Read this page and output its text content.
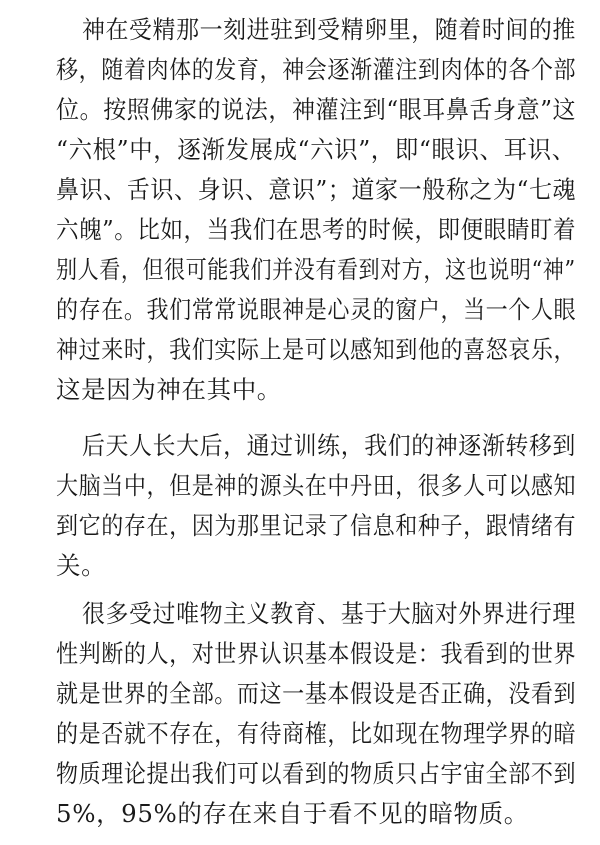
神在受精那一刻进驻到受精卵里，随着时间的推
移，随着肉体的发育，神会逐渐灌注到肉体的各个部
位。按照佛家的说法，神灌注到“眼耳鼻舌身意”这
“六根”中，逐渐发展成“六识”，即“眼识、耳识、
鼻识、舌识、身识、意识”；道家一般称之为“七魂
六魄”。比如，当我们在思考的时候，即便眼睛盯着
别人看，但很可能我们并没有看到对方，这也说明“神”
的存在。我们常常说眼神是心灵的窗户，当一个人眼
神过来时，我们实际上是可以感知到他的喜怒哀乐，
这是因为神在其中。
后天人长大后，通过训练，我们的神逐渐转移到
大脑当中，但是神的源头在中丹田，很多人可以感知
到它的存在，因为那里记录了信息和种子，跟情绪有
关。
很多受过唯物主义教育、基于大脑对外界进行理
性判断的人，对世界认识基本假设是：我看到的世界
就是世界的全部。而这一基本假设是否正确，没看到
的是否就不存在，有待商榷，比如现在物理学界的暗
物质理论提出我们可以看到的物质只占宇宙全部不到
5%，95%的存在来自于看不见的暗物质。
